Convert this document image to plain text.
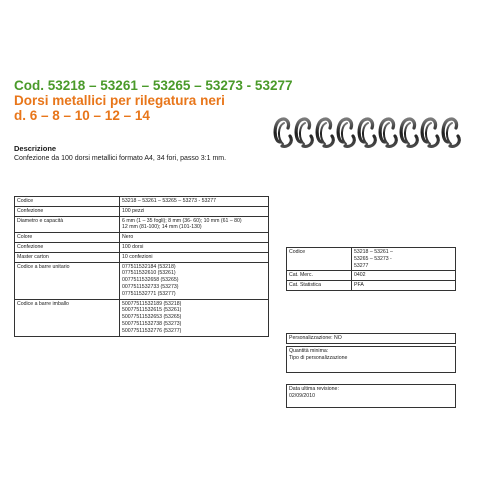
Cod. 53218 – 53261 – 53265 – 53273 - 53277
Dorsi metallici per rilegatura neri
d. 6 – 8 – 10 – 12 – 14
Descrizione
Confezione da 100 dorsi metallici formato A4, 34 fori, passo 3:1 mm.
Codice	53218 – 53261 – 53265 – 53273 - 53277

Confezione	100 pezzi

Diametro e capacità	6 mm (1 – 35 fogli); 8 mm (36- 60); 10 mm (61 – 80)
12 mm (81-100); 14 mm (101-130)

Colore	Nero

Confezione	100 dorsi

Master carton	10 confezioni

Codice a barre unitario	077511532184 (53218)
077511532610 (53261)
0077511532658 (53265)
0077511532733 (53273)
077511532771 (53277)

Codice a barre imballo	50077511532189 (53218)
50077511532615 (53261)
50077511532653 (53265)
50077511532738 (53273)
50077511532776 (53277)
Codice	53218 – 53261 –
53265 – 53273 -
53277

Cat. Merc.	0402

Cat. Statistica	PFA
Personalizzazione: NO
Quantità minima:
Tipo di personalizzazione
Data ultima revisione:
02/09/2010
